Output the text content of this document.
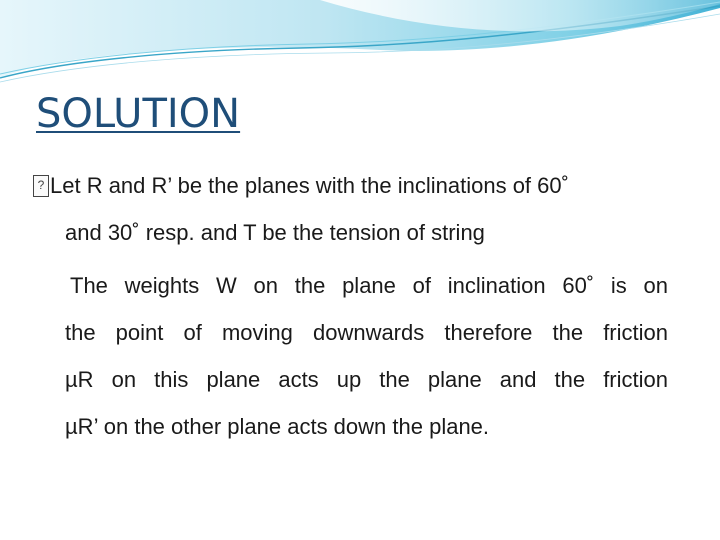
SOLUTION
? Let R and R’ be the planes with the inclinations of 60˚
and 30˚ resp. and T be the tension of string
The weights W on the plane of inclination 60˚ is on
the point of moving downwards therefore the friction
µR on this plane acts up the plane and the friction
µR’ on the other plane acts down the plane.
